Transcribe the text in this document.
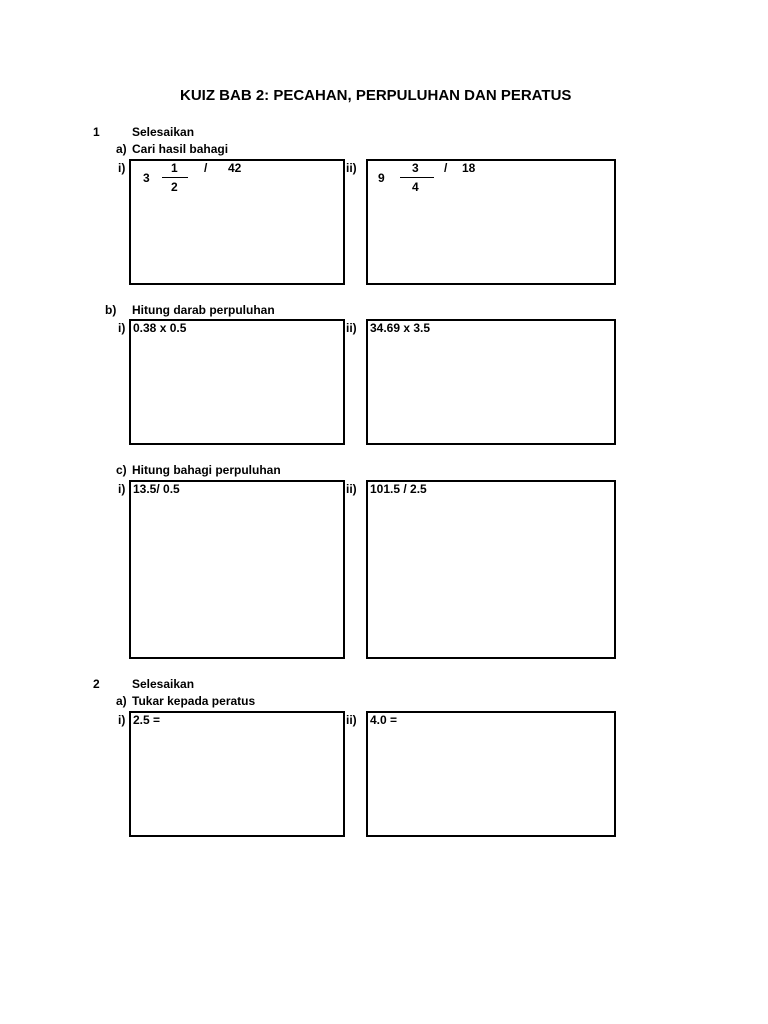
KUIZ BAB 2: PECAHAN, PERPULUHAN DAN PERATUS
1	Selesaikan
a) Cari hasil bahagi
i)
3
1
2
/ 42	ii)
9
3
4
/ 18
b) Hitung darab perpuluhan
i) 0.38 x 0.5	ii) 34.69 x 3.5
c) Hitung bahagi perpuluhan
i) 13.5/ 0.5	ii) 101.5 / 2.5
2	Selesaikan
a) Tukar kepada peratus
i) 2.5 =	ii) 4.0 =
